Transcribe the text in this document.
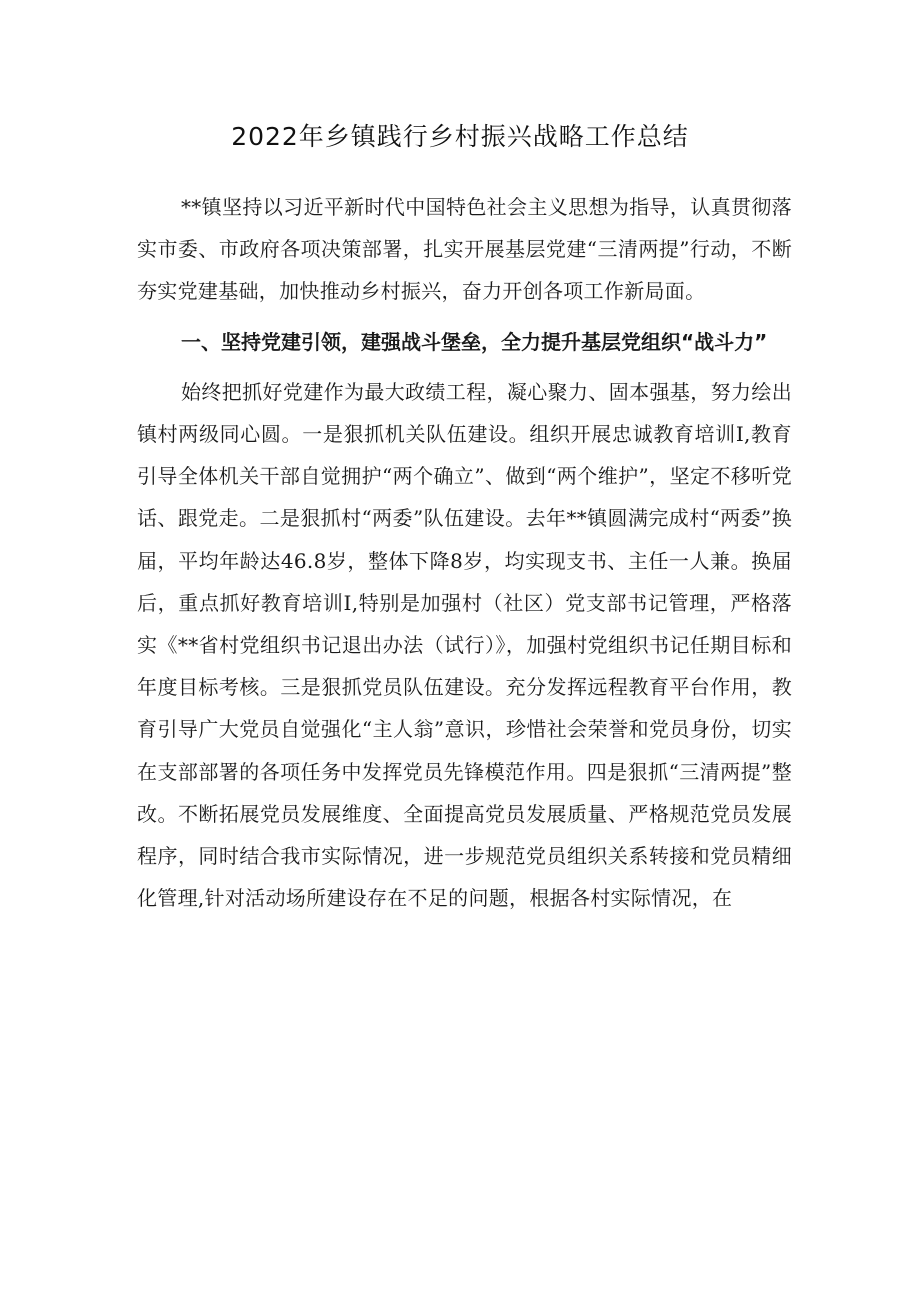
2022年乡镇践行乡村振兴战略工作总结

**镇坚持以习近平新时代中国特色社会主义思想为指导，认真贯彻落实市委、市政府各项决策部署，扎实开展基层党建“三清两提”行动，不断夯实党建基础，加快推动乡村振兴，奋力开创各项工作新局面。

一、坚持党建引领，建强战斗堡垒，全力提升基层党组织“战斗力”

始终把抓好党建作为最大政绩工程，凝心聚力、固本强基，努力绘出镇村两级同心圆。一是狠抓机关队伍建设。组织开展忠诚教育培训I,教育引导全体机关干部自觉拥护“两个确立”、做到“两个维护”，坚定不移听党话、跟党走。二是狠抓村“两委”队伍建设。去年**镇圆满完成村“两委”换届，平均年龄达46.8岁，整体下降8岁，均实现支书、主任一人兼。换届后，重点抓好教育培训I,特别是加强村（社区）党支部书记管理，严格落实《**省村党组织书记退出办法（试行）》，加强村党组织书记任期目标和年度目标考核。三是狠抓党员队伍建设。充分发挥远程教育平台作用，教育引导广大党员自觉强化“主人翁”意识，珍惜社会荣誉和党员身份，切实在支部部署的各项任务中发挥党员先锋模范作用。四是狠抓“三清两提”整改。不断拓展党员发展维度、全面提高党员发展质量、严格规范党员发展程序，同时结合我市实际情况，进一步规范党员组织关系转接和党员精细化管理,针对活动场所建设存在不足的问题，根据各村实际情况，在
